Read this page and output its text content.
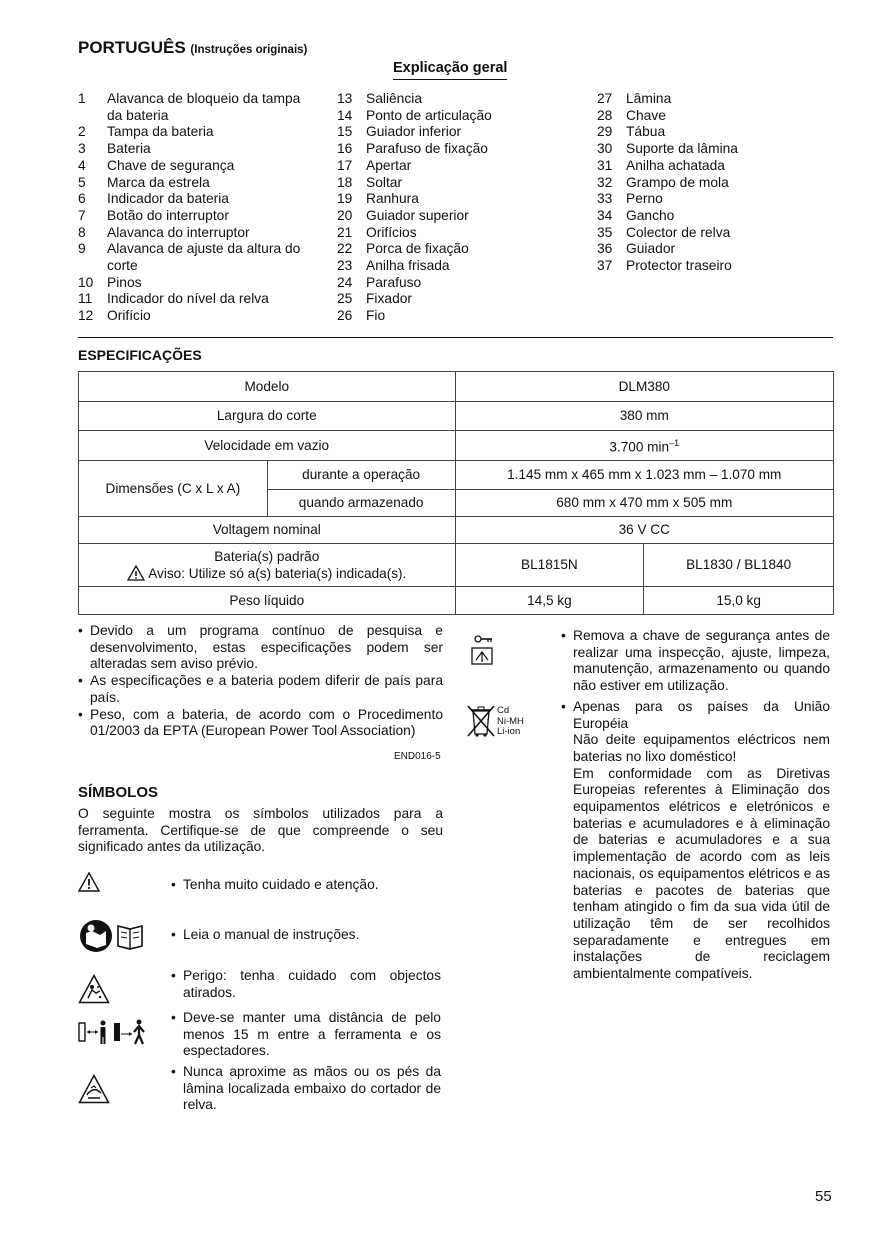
PORTUGUÊS (Instruções originais)
Explicação geral
1	Alavanca de bloqueio da tampa da bateria
2	Tampa da bateria
3	Bateria
4	Chave de segurança
5	Marca da estrela
6	Indicador da bateria
7	Botão do interruptor
8	Alavanca do interruptor
9	Alavanca de ajuste da altura do corte
10 Pinos
11	Indicador do nível da relva
12 Orifício
13 Saliência
14 Ponto de articulação
15 Guiador inferior
16 Parafuso de fixação
17 Apertar
18 Soltar
19 Ranhura
20 Guiador superior
21 Orifícios
22 Porca de fixação
23 Anilha frisada
24 Parafuso
25 Fixador
26 Fio
27 Lâmina
28 Chave
29 Tábua
30 Suporte da lâmina
31 Anilha achatada
32 Grampo de mola
33 Perno
34 Gancho
35 Colector de relva
36 Guiador
37 Protector traseiro
ESPECIFICAÇÕES
Modelo		DLM380	
Largura do corte		380 mm	
Velocidade em vazio		3.700 $\min^{-1}$
Dimensões (C x L x A)	durante a operação	1.145 mm x 465 mm x 1.023 mm – 1.070 mm	
	quando armazenado	680 mm x 470 mm x 505 mm	
Voltagem nominal		36 V CC	

Bateria(s) padrão
Aviso: Utilize só a(s) bateria(s) indicada(s).		BL1815N	BL1830 / BL1840
Peso líquido		14,5 kg	15,0 kg
• Devido a um programa contínuo de pesquisa e desenvolvimento, estas especificações podem ser alteradas sem aviso prévio.
• As especificações e a bateria podem diferir de país para país.
• Peso, com a bateria, de acordo com o Procedimento 01/2003 da EPTA (European Power Tool Association)
END016-5
SÍMBOLOS
O seguinte mostra os símbolos utilizados para a ferramenta. Certifique-se de que compreende o seu significado antes da utilização.
• Tenha muito cuidado e atenção.
• Leia o manual de instruções.
• Perigo: tenha cuidado com objectos atirados.
• Deve-se manter uma distância de pelo menos 15 m entre a ferramenta e os espectadores.
• Nunca aproxime as mãos ou os pés da lâmina localizada embaixo do cortador de relva.
Cd
Ni-MH
Li-ion
• Remova a chave de segurança antes de realizar uma inspecção, ajuste, limpeza, manutenção, armazenamento ou quando não estiver em utilização.
• Apenas para os países da União Européia
Não deite equipamentos eléctricos nem baterias no lixo doméstico!
Em conformidade com as Diretivas Europeias referentes à Eliminação dos equipamentos elétricos e eletrónicos e baterias e acumuladores e à eliminação de baterias e acumuladores e a sua implementação de acordo com as leis nacionais, os equipamentos elétricos e as baterias e pacotes de baterias que tenham atingido o fim da sua vida útil de utilização têm de ser recolhidos separadamente e entregues em instalações de reciclagem ambientalmente compatíveis.
55
